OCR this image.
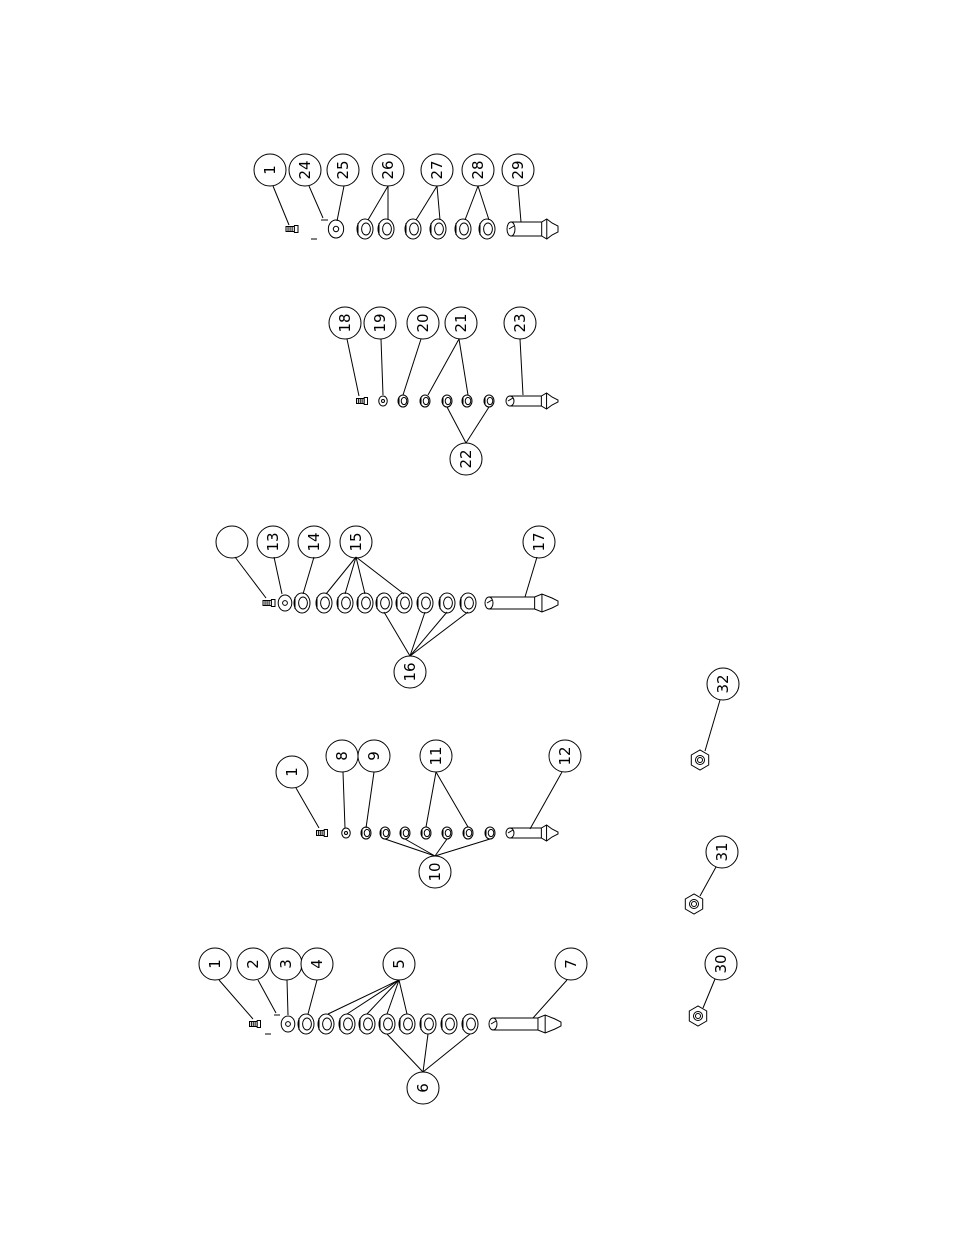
1 24 25 26 27 28 29
18 19 20 21
22
23
13 14 15
16
17
1
8 9
10
11	12
1 2 3 4	5
6
7	30
31
32
